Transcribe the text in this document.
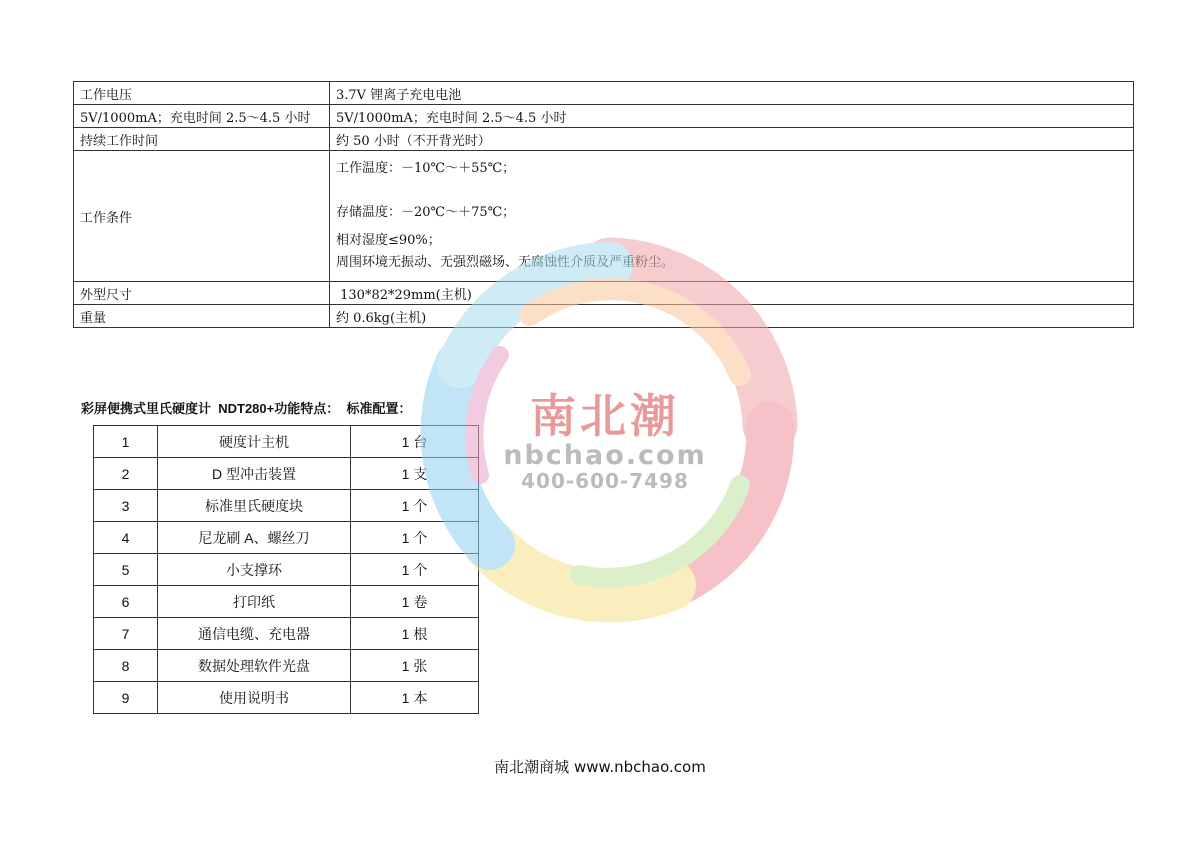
工作电压	3.7V 锂离子充电电池
5V/1000mA；充电时间 2.5～4.5 小时	5V/1000mA；充电时间 2.5～4.5 小时
持续工作时间	约 50 小时（不开背光时）
工作条件	工作温度：－10℃～＋55℃；
存储温度：－20℃～＋75℃；
相对湿度≤90%；
周围环境无振动、无强烈磁场、无腐蚀性介质及严重粉尘。

外型尺寸	130*82*29mm(主机)
重量	约 0.6kg(主机)
彩屏便携式里氏硬度计  NDT280+功能特点：  标准配置：
1	硬度计主机	1 台
2	D 型冲击装置	1 支
3	标准里氏硬度块	1 个
4	尼龙刷 A、螺丝刀	1 个
5	小支撑环	1 个
6	打印纸	1 卷
7	通信电缆、充电器	1 根
8	数据处理软件光盘	1 张
9	使用说明书	1 本
南北潮
nbchao.com
400-600-7498
南北潮商城 www.nbchao.com
